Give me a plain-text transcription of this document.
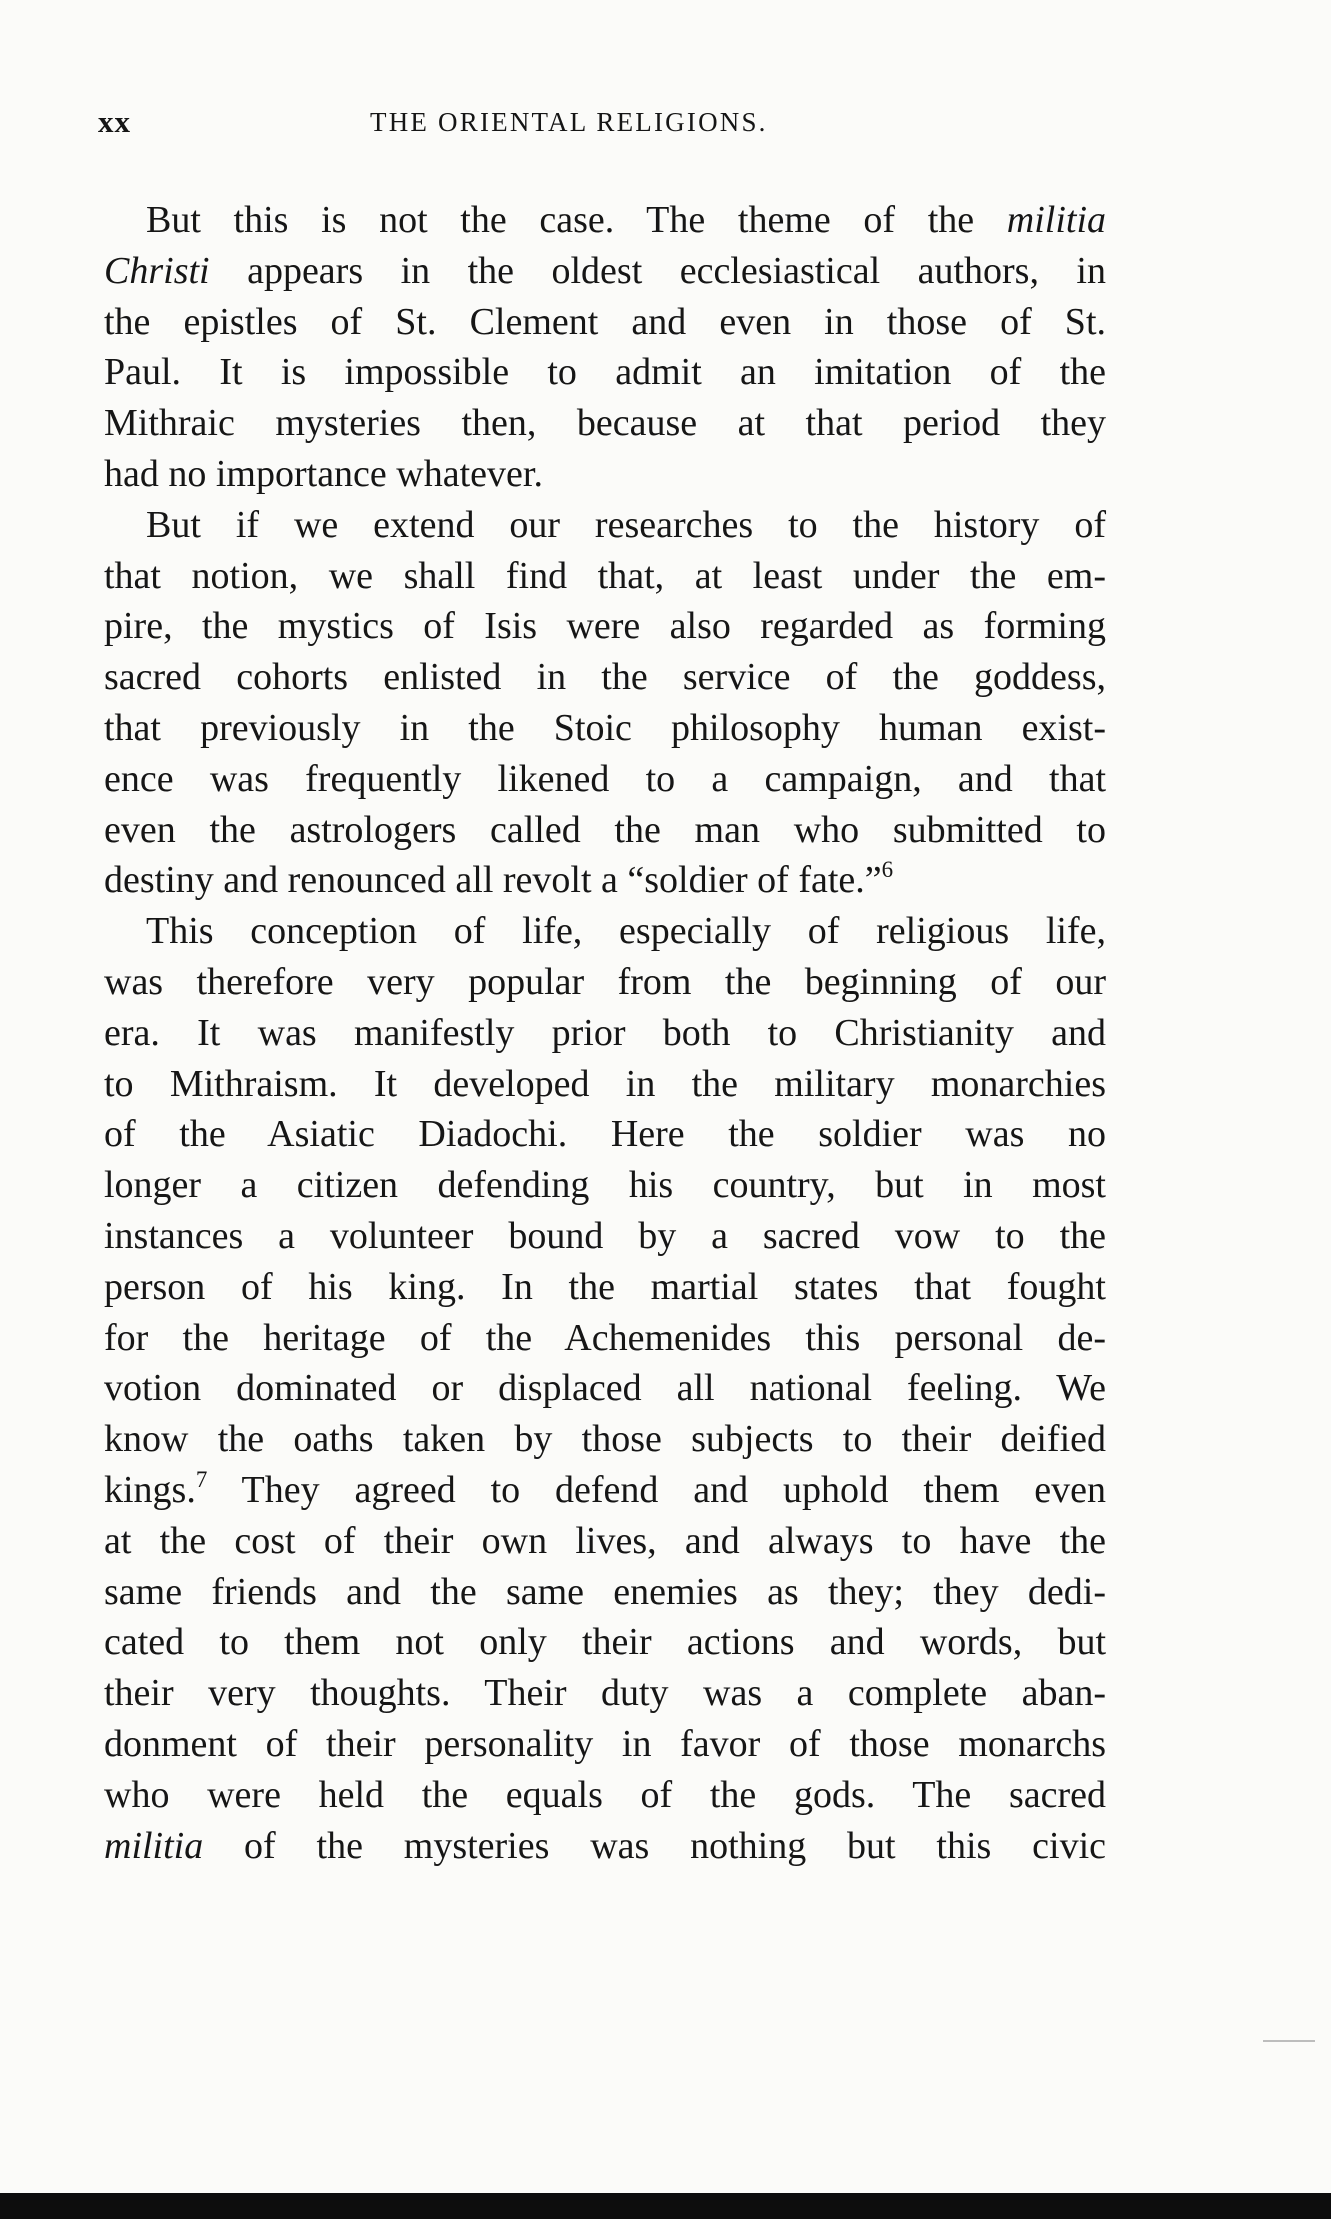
xx	THE ORIENTAL RELIGIONS.
But this is not the case. The theme of the militia
Christi appears in the oldest ecclesiastical authors, in
the epistles of St. Clement and even in those of St.
Paul. It is impossible to admit an imitation of the
Mithraic mysteries then, because at that period they
had no importance whatever.
But if we extend our researches to the history of
that notion, we shall find that, at least under the em-
pire, the mystics of Isis were also regarded as forming
sacred cohorts enlisted in the service of the goddess,
that previously in the Stoic philosophy human exist-
ence was frequently likened to a campaign, and that
even the astrologers called the man who submitted to
destiny and renounced all revolt a “soldier of fate.”$^6$
This conception of life, especially of religious life,
was therefore very popular from the beginning of our
era. It was manifestly prior both to Christianity and
to Mithraism. It developed in the military monarchies
of the Asiatic Diadochi. Here the soldier was no
longer a citizen defending his country, but in most
instances a volunteer bound by a sacred vow to the
person of his king. In the martial states that fought
for the heritage of the Achemenides this personal de-
votion dominated or displaced all national feeling. We
know the oaths taken by those subjects to their deified
kings.$^7$ They agreed to defend and uphold them even
at the cost of their own lives, and always to have the
same friends and the same enemies as they; they dedi-
cated to them not only their actions and words, but
their very thoughts. Their duty was a complete aban-
donment of their personality in favor of those monarchs
who were held the equals of the gods. The sacred
militia of the mysteries was nothing but this civic
